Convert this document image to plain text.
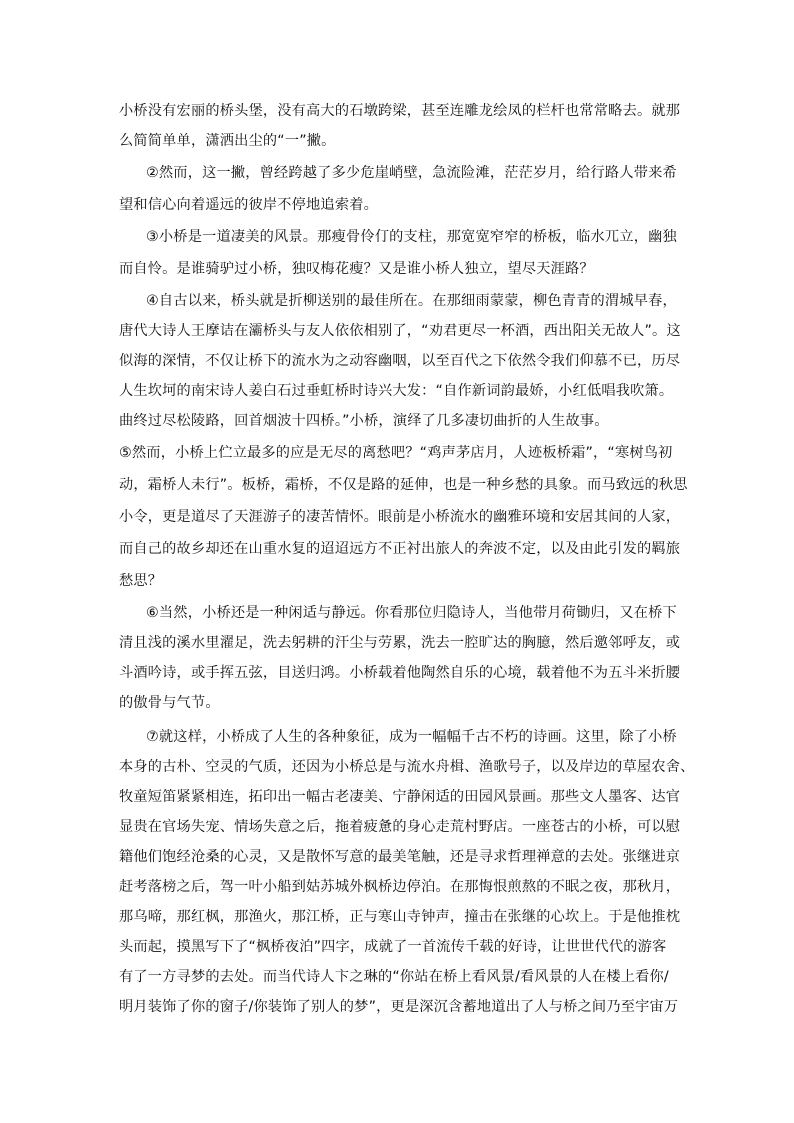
小桥没有宏丽的桥头堡，没有高大的石墩跨梁，甚至连雕龙绘凤的栏杆也常常略去。就那
么简简单单，潇洒出尘的“一”撇。
②然而，这一撇，曾经跨越了多少危崖峭壁，急流险滩，茫茫岁月，给行路人带来希
望和信心向着遥远的彼岸不停地追索着。
③小桥是一道凄美的风景。那瘦骨伶仃的支柱，那宽宽窄窄的桥板，临水兀立，幽独
而自怜。是谁骑驴过小桥，独叹梅花瘦？又是谁小桥人独立，望尽天涯路？
④自古以来，桥头就是折柳送别的最佳所在。在那细雨蒙蒙，柳色青青的渭城早春，
唐代大诗人王摩诘在灞桥头与友人依依相别了，“劝君更尽一杯酒，西出阳关无故人”。这
似海的深情，不仅让桥下的流水为之动容幽咽，以至百代之下依然令我们仰慕不已，历尽
人生坎坷的南宋诗人姜白石过垂虹桥时诗兴大发：“自作新词韵最娇，小红低唱我吹箫。
曲终过尽松陵路，回首烟波十四桥。”小桥，演绎了几多凄切曲折的人生故事。
⑤然而，小桥上伫立最多的应是无尽的离愁吧？“鸡声茅店月，人迹板桥霜”，“寒树鸟初
动，霜桥人未行”。板桥，霜桥，不仅是路的延伸，也是一种乡愁的具象。而马致远的秋思
小令，更是道尽了天涯游子的凄苦情怀。眼前是小桥流水的幽雅环境和安居其间的人家，
而自己的故乡却还在山重水复的迢迢远方不正衬出旅人的奔波不定，以及由此引发的羁旅
愁思？
⑥当然，小桥还是一种闲适与静远。你看那位归隐诗人，当他带月荷锄归，又在桥下
清且浅的溪水里濯足，洗去躬耕的汗尘与劳累，洗去一腔旷达的胸臆，然后邀邻呼友，或
斗酒吟诗，或手挥五弦，目送归鸿。小桥载着他陶然自乐的心境，载着他不为五斗米折腰
的傲骨与气节。
⑦就这样，小桥成了人生的各种象征，成为一幅幅千古不朽的诗画。这里，除了小桥
本身的古朴、空灵的气质，还因为小桥总是与流水舟楫、渔歌号子，以及岸边的草屋农舍、
牧童短笛紧紧相连，拓印出一幅古老凄美、宁静闲适的田园风景画。那些文人墨客、达官
显贵在官场失宠、情场失意之后，拖着疲惫的身心走荒村野店。一座苍古的小桥，可以慰
籍他们饱经沧桑的心灵，又是散怀写意的最美笔触，还是寻求哲理禅意的去处。张继进京
赶考落榜之后，驾一叶小船到姑苏城外枫桥边停泊。在那悔恨煎熬的不眠之夜，那秋月，
那乌啼，那红枫，那渔火，那江桥，正与寒山寺钟声，撞击在张继的心坎上。于是他推枕
头而起，摸黑写下了“枫桥夜泊”四字，成就了一首流传千载的好诗，让世世代代的游客
有了一方寻梦的去处。而当代诗人卞之琳的“你站在桥上看风景/看风景的人在楼上看你/
明月装饰了你的窗子/你装饰了别人的梦”，更是深沉含蓄地道出了人与桥之间乃至宇宙万
